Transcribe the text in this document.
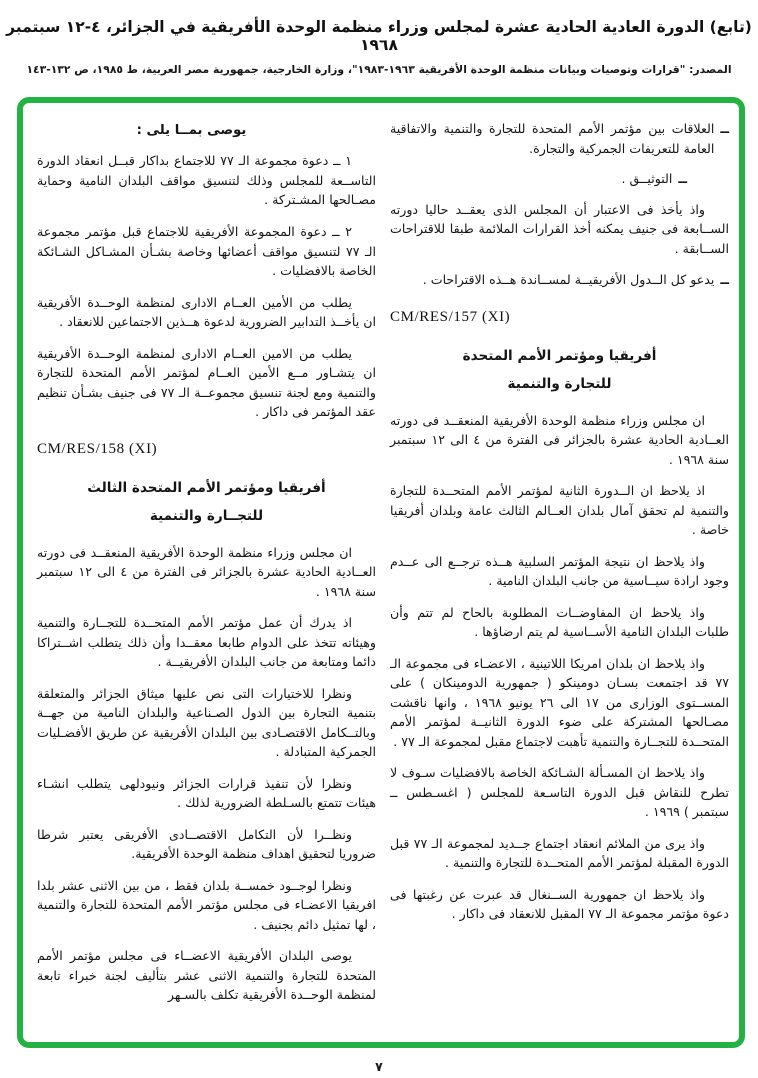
(تابع) الدورة العادية الحادية عشرة لمجلس وزراء منظمة الوحدة الأفريقية في الجزائر، ٤-١٢ سبتمبر ١٩٦٨
المصدر: "قرارات وتوصيات وبيانات منظمة الوحدة الأفريقية ١٩٦٣-١٩٨٣"، وزارة الخارجية، جمهورية مصر العربية، ط ١٩٨٥، ص ١٣٢-١٤٣
ــ
العلاقات بين مؤتمر الأمم المتحدة للتجارة والتنمية والاتفاقية العامة للتعريفات الجمركية والتجارة.
ــ
التوثيــق .
واذ يأخذ فى الاعتبار أن المجلس الذى يعقــد حاليا دورته الســابعة فى جنيف يمكنه أخذ القرارات الملائمة طبقا للاقتراحات الســابقة .
ــ
يدعو كل الــدول الأفريقيــة لمســاندة هــذه الاقتراحات .
CM/RES/157 (XI)
أفريقيا ومؤتمر الأمم المتحدة
للتجارة والتنمية
ان مجلس وزراء منظمة الوحدة الأفريقية المنعقــد فى دورته العــادية الحادية عشرة بالجزائر فى الفترة من ٤ الى ١٢ سبتمبر سنة ١٩٦٨ .
اذ يلاحظ ان الــدورة الثانية لمؤتمر الأمم المتحــدة للتجارة والتنمية لم تحقق آمال بلدان العــالم الثالث عامة وبلدان أفريقيا خاصة .
واذ يلاحظ ان نتيجة المؤتمر السلبية هــذه ترجــع الى عــدم وجود ارادة سيــاسية من جانب البلدان النامية .
واذ يلاحظ ان المفاوضــات المطلوبة بالحاح لم تتم وأن طلبات البلدان النامية الأســاسية لم يتم ارضاؤها .
واذ يلاحظ ان بلدان امريكا اللاتينية ، الاعضـاء فى مجموعة الـ ٧٧ قد اجتمعت بسـان دومينكو ( جمهورية الدومينكان ) على المســتوى الوزارى من ١٧ الى ٢٦ يونيو ١٩٦٨ ، وانها ناقشت مصـالحها المشتركة على ضوء الدورة الثانيــة لمؤتمر الأمم المتحــدة للتجــارة والتنمية تأهبت لاجتماع مقبل لمجموعة الـ ٧٧ .
واذ يلاحظ ان المسـألة الشـائكة الخاصة بالافضليات سـوف لا تطرح للنقاش قبل الدورة التاسـعة للمجلس ( اغسـطس ــ سبتمبر ) ١٩٦٩ .
واذ يرى من الملائم انعقاد اجتماع جــديد لمجموعة الـ ٧٧ قبل الدورة المقبلة لمؤتمر الأمم المتحــدة للتجارة والتنمية .
واذ يلاحظ ان جمهورية الســنغال قد عبرت عن رغبتها فى دعوة مؤتمر مجموعة الـ ٧٧ المقبل للانعقاد فى داكار .
يوصى بمــا يلى :
١ ــ دعوة مجموعة الـ ٧٧ للاجتماع بداكار قبــل انعقاد الدورة التاســعة للمجلس وذلك لتنسيق مواقف البلدان النامية وحماية مصـالحها المشـتركة .
٢ ــ دعوة المجموعة الأفريقية للاجتماع قبل مؤتمر مجموعة الـ ٧٧ لتنسيق مواقف أعضائها وخاصة بشـأن المشـاكل الشـائكة الخاصة بالافضليات .
يطلب من الأمين العــام الادارى لمنظمة الوحــدة الأفريقية ان يأخــذ التدابير الضرورية لدعوة هــذين الاجتماعين للانعقاد .
يطلب من الامين العــام الادارى لمنظمة الوحــدة الأفريقية ان يتشـاور مــع الأمين العــام لمؤتمر الأمم المتحدة للتجارة والتنمية ومع لجنة تنسيق مجموعــة الـ ٧٧ فى جنيف بشـأن تنظيم عقد المؤتمر فى داكار .
CM/RES/158 (XI)
أفريقيا ومؤتمر الأمم المتحدة الثالث
للتجــارة والتنمية
ان مجلس وزراء منظمة الوحدة الأفريقية المنعقــد فى دورته العــادية الحادية عشرة بالجزائر فى الفترة من ٤ الى ١٢ سبتمبر سنة ١٩٦٨ .
اذ يدرك أن عمل مؤتمر الأمم المتحــدة للتجــارة والتنمية وهيئاته تتخذ على الدوام طابعا معقــدا وأن ذلك يتطلب اشــتراكا دائما ومتابعة من جانب البلدان الأفريقيــة .
ونظرا للاختيارات التى نص عليها ميثاق الجزائر والمتعلقة بتنمية التجارة بين الدول الصـناعية والبلدان النامية من جهــة وبالتــكامل الاقتصـادى بين البلدان الأفريقية عن طريق الأفضـليات الجمركية المتبادلة .
ونظرا لأن تنفيذ قرارات الجزائر ونيودلهى يتطلب انشـاء هيئات تتمتع بالسـلطة الضرورية لذلك .
ونظــرا لأن التكامل الاقتصــادى الأفريقى يعتبر شرطا ضروريا لتحقيق اهداف منظمة الوحدة الأفريقية.
ونظرا لوجــود خمســة بلدان فقط ، من بين الاثنى عشر بلدا افريقيا الاعضـاء فى مجلس مؤتمر الأمم المتحدة للتجارة والتنمية ، لها تمثيل دائم بجنيف .
يوصى البلدان الأفريقية الاعضــاء فى مجلس مؤتمر الأمم المتحدة للتجارة والتنمية الاثنى عشر بتأليف لجنة خبراء تابعة لمنظمة الوحــدة الأفريقية تكلف بالسـهر
٧
